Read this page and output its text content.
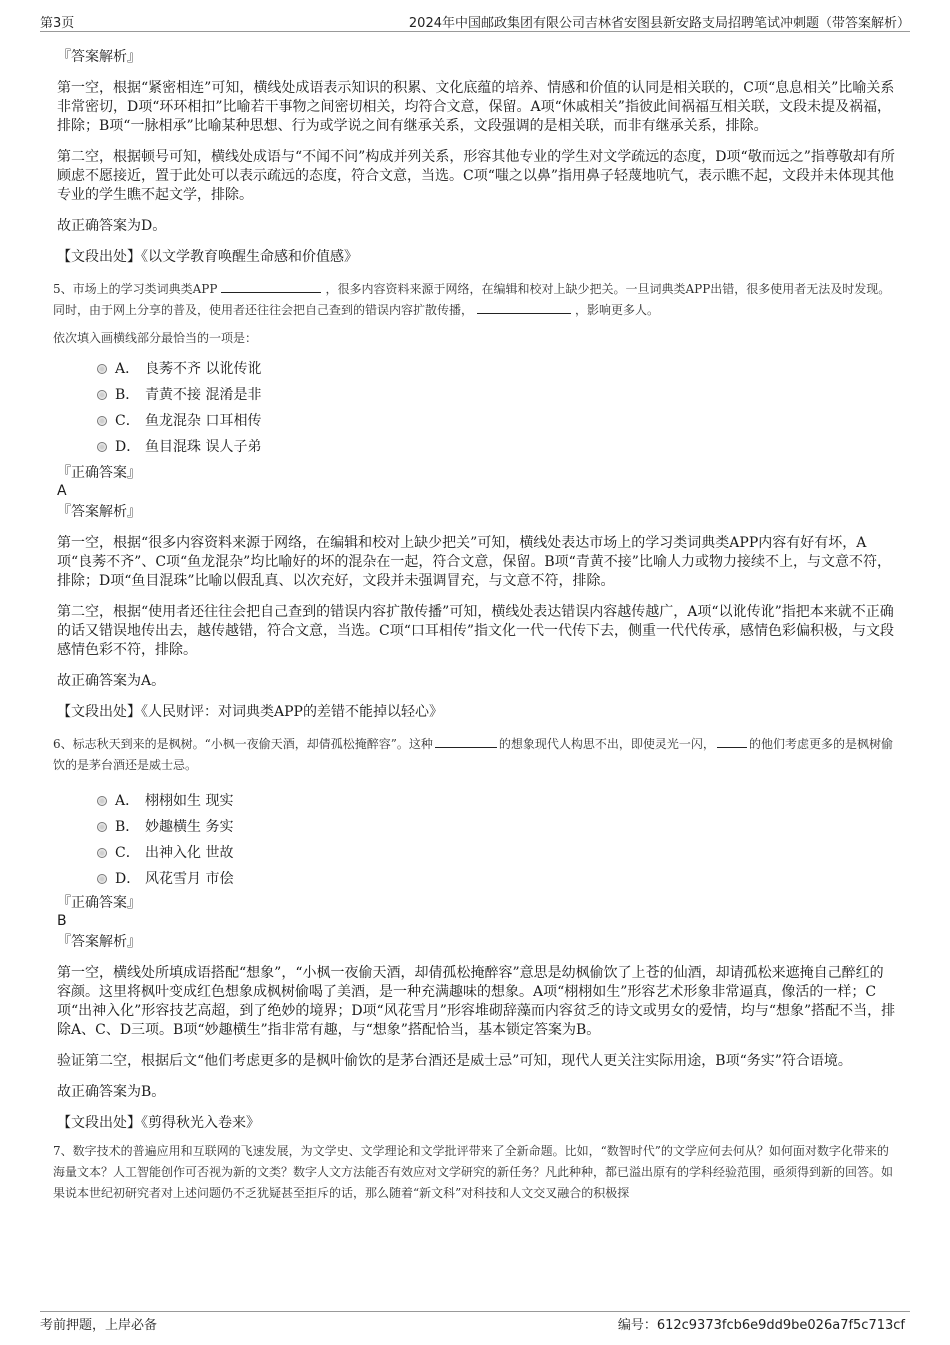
第3页	2024年中国邮政集团有限公司吉林省安图县新安路支局招聘笔试冲刺题（带答案解析）

『答案解析』

第一空，根据“紧密相连”可知，横线处成语表示知识的积累、文化底蕴的培养、情感和价值的认同是相关联的，C项“息息相关”比喻关系非常密切，D项“环环相扣”比喻若干事物之间密切相关，均符合文意，保留。A项“休戚相关”指彼此间祸福互相关联，文段未提及祸福，排除；B项“一脉相承”比喻某种思想、行为或学说之间有继承关系，文段强调的是相关联，而非有继承关系，排除。

第二空，根据顿号可知，横线处成语与“不闻不问”构成并列关系，形容其他专业的学生对文学疏远的态度，D项“敬而远之”指尊敬却有所顾虑不愿接近，置于此处可以表示疏远的态度，符合文意，当选。C项“嗤之以鼻”指用鼻子轻蔑地吭气，表示瞧不起，文段并未体现其他专业的学生瞧不起文学，排除。

故正确答案为D。

【文段出处】《以文学教育唤醒生命感和价值感》

5、市场上的学习类词典类APP	，很多内容资料来源于网络，在编辑和校对上缺少把关。一旦词典类APP出错，很多使用者无法及时发现。同时，由于网上分享的普及，使用者还往往会把自己查到的错误内容扩散传播，	，影响更多人。
依次填入画横线部分最恰当的一项是：
A． 良莠不齐 以讹传讹
B． 青黄不接 混淆是非
C． 鱼龙混杂 口耳相传
D． 鱼目混珠 误人子弟

『正确答案』

A

『答案解析』

第一空，根据“很多内容资料来源于网络，在编辑和校对上缺少把关”可知，横线处表达市场上的学习类词典类APP内容有好有坏，A项“良莠不齐”、C项“鱼龙混杂”均比喻好的坏的混杂在一起，符合文意，保留。B项“青黄不接”比喻人力或物力接续不上，与文意不符，排除；D项“鱼目混珠”比喻以假乱真、以次充好，文段并未强调冒充，与文意不符，排除。

第二空，根据“使用者还往往会把自己查到的错误内容扩散传播”可知，横线处表达错误内容越传越广，A项“以讹传讹”指把本来就不正确的话又错误地传出去，越传越错，符合文意，当选。C项“口耳相传”指文化一代一代传下去，侧重一代代传承，感情色彩偏积极，与文段感情色彩不符，排除。

故正确答案为A。

【文段出处】《人民财评：对词典类APP的差错不能掉以轻心》

6、标志秋天到来的是枫树。“小枫一夜偷天酒，却倩孤松掩醉容”。这种	的想象现代人构思不出，即使灵光一闪，	的他们考虑更多的是枫树偷饮的是茅台酒还是威士忌。
A． 栩栩如生 现实
B． 妙趣横生 务实
C． 出神入化 世故
D． 风花雪月 市侩

『正确答案』

B

『答案解析』

第一空，横线处所填成语搭配“想象”，“小枫一夜偷天酒，却倩孤松掩醉容”意思是幼枫偷饮了上苍的仙酒，却请孤松来遮掩自己醉红的容颜。这里将枫叶变成红色想象成枫树偷喝了美酒，是一种充满趣味的想象。A项“栩栩如生”形容艺术形象非常逼真，像活的一样；C项“出神入化”形容技艺高超，到了绝妙的境界；D项“风花雪月”形容堆砌辞藻而内容贫乏的诗文或男女的爱情，均与“想象”搭配不当，排除A、C、D三项。B项“妙趣横生”指非常有趣，与“想象”搭配恰当，基本锁定答案为B。

验证第二空，根据后文“他们考虑更多的是枫叶偷饮的是茅台酒还是威士忌”可知，现代人更关注实际用途，B项“务实”符合语境。

故正确答案为B。

【文段出处】《剪得秋光入卷来》

7、数字技术的普遍应用和互联网的飞速发展，为文学史、文学理论和文学批评带来了全新命题。比如，“数智时代”的文学应何去何从？如何面对数字化带来的海量文本？人工智能创作可否视为新的文类？数字人文方法能否有效应对文学研究的新任务？凡此种种，都已溢出原有的学科经验范围，亟须得到新的回答。如果说本世纪初研究者对上述问题仍不乏犹疑甚至拒斥的话，那么随着“新文科”对科技和人文交叉融合的积极探
考前押题，上岸必备	编号：612c9373fcb6e9dd9be026a7f5c713cf
